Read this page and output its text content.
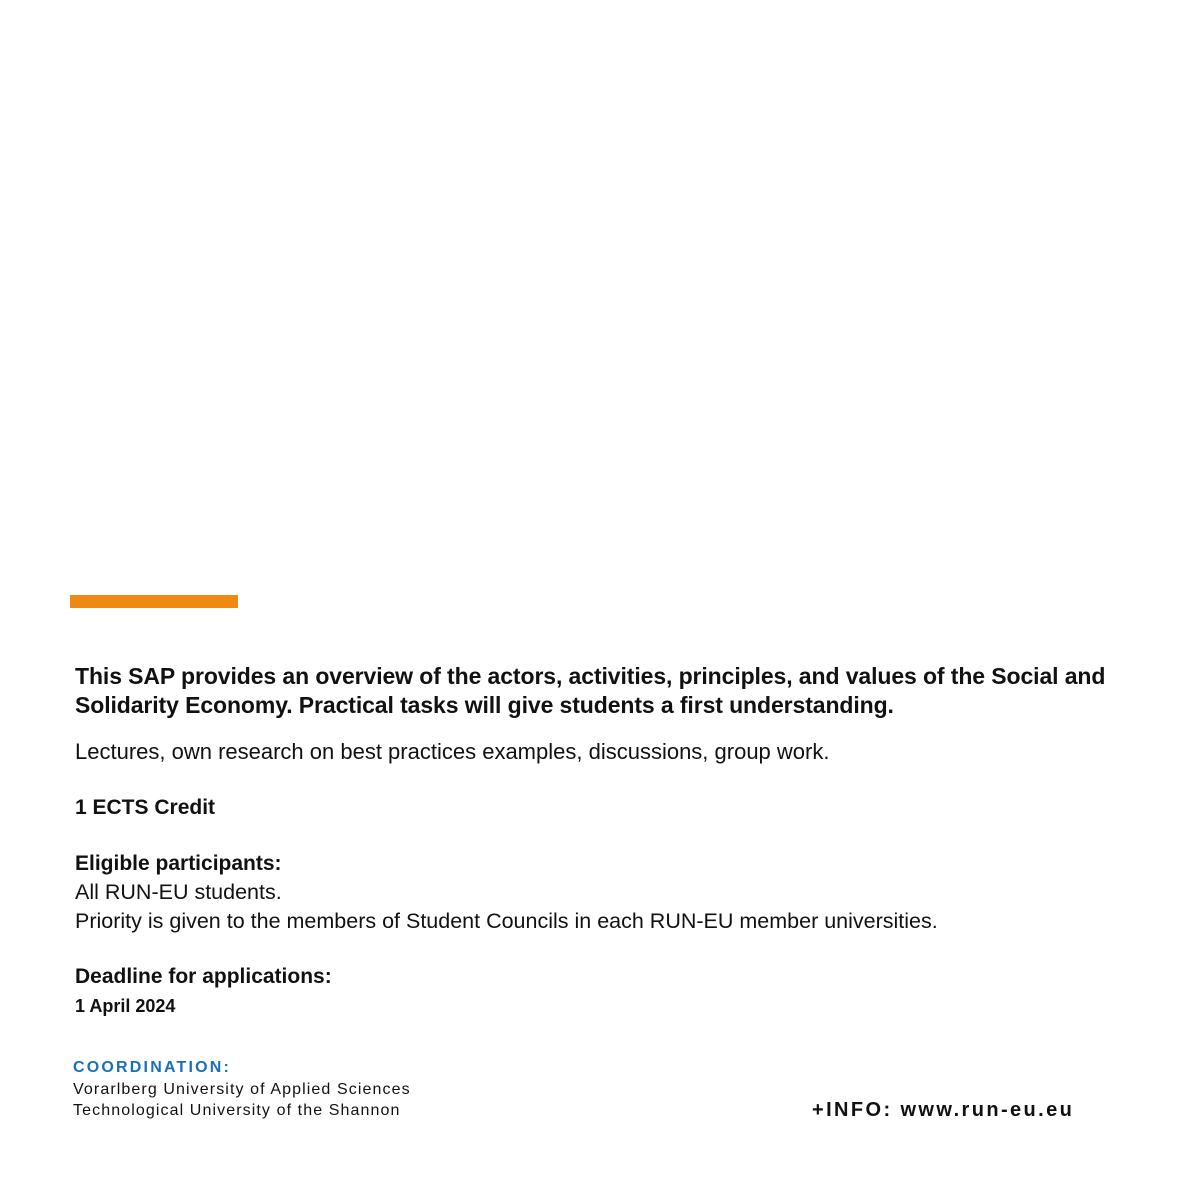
This SAP provides an overview of the actors, activities, principles, and values of the Social and Solidarity Economy. Practical tasks will give students a first understanding.

Lectures, own research on best practices examples, discussions, group work.

1 ECTS Credit

Eligible participants:
All RUN-EU students.
Priority is given to the members of Student Councils in each RUN-EU member universities.
Deadline for applications:
1 April 2024
COORDINATION:
Vorarlberg University of Applied Sciences
Technological University of the Shannon	+INFO: www.run-eu.eu
